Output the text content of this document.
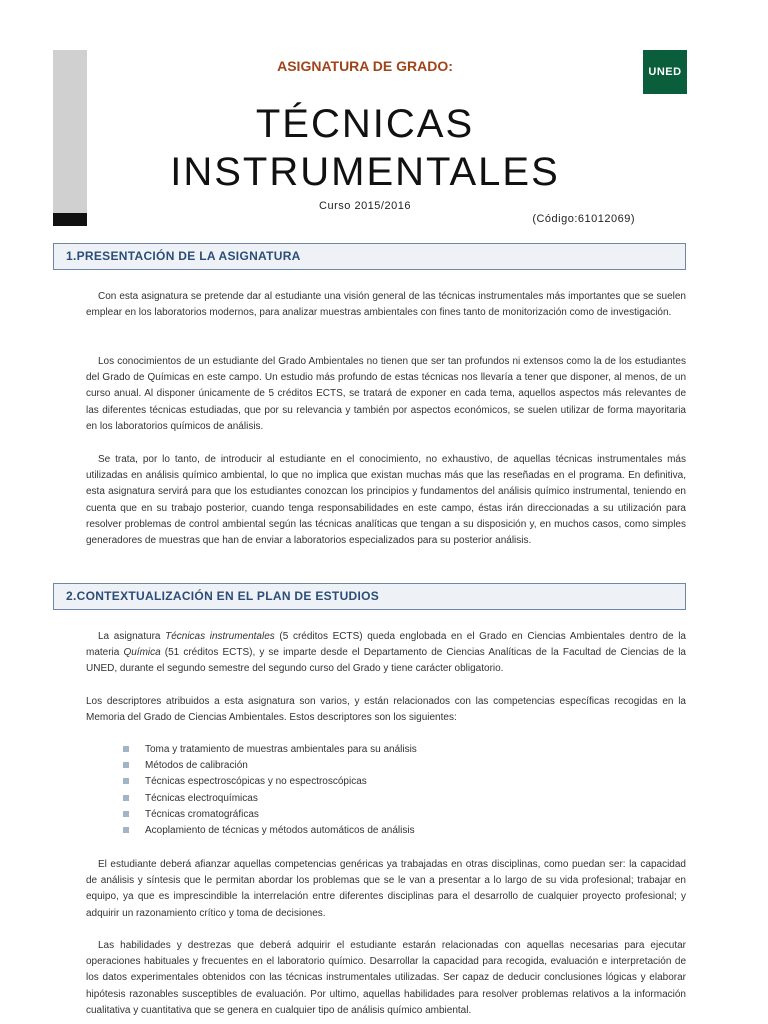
ASIGNATURA DE GRADO:
TÉCNICAS
INSTRUMENTALES
Curso 2015/2016
(Código:61012069)
UNED
1.PRESENTACIÓN DE LA ASIGNATURA

Con esta asignatura se pretende dar al estudiante una visión general de las técnicas instrumentales más importantes que se suelen emplear en los laboratorios modernos, para analizar muestras ambientales con fines tanto de monitorización como de investigación.

Los conocimientos de un estudiante del Grado Ambientales no tienen que ser tan profundos ni extensos como la de los estudiantes del Grado de Químicas en este campo. Un estudio más profundo de estas técnicas nos llevaría a tener que disponer, al menos, de un curso anual. Al disponer únicamente de 5 créditos ECTS, se tratará de exponer en cada tema, aquellos aspectos más relevantes de las diferentes técnicas estudiadas, que por su relevancia y también por aspectos económicos, se suelen utilizar de forma mayoritaria en los laboratorios químicos de análisis.

Se trata, por lo tanto, de introducir al estudiante en el conocimiento, no exhaustivo, de aquellas técnicas instrumentales más utilizadas en análisis químico ambiental, lo que no implica que existan muchas más que las reseñadas en el programa. En definitiva, esta asignatura servirá para que los estudiantes conozcan los principios y fundamentos del análisis químico instrumental, teniendo en cuenta que en su trabajo posterior, cuando tenga responsabilidades en este campo, éstas irán direccionadas a su utilización para resolver problemas de control ambiental según las técnicas analíticas que tengan a su disposición y, en muchos casos, como simples generadores de muestras que han de enviar a laboratorios especializados para su posterior análisis.

2.CONTEXTUALIZACIÓN EN EL PLAN DE ESTUDIOS

La asignatura Técnicas instrumentales (5 créditos ECTS) queda englobada en el Grado en Ciencias Ambientales dentro de la materia Química (51 créditos ECTS), y se imparte desde el Departamento de Ciencias Analíticas de la Facultad de Ciencias de la UNED, durante el segundo semestre del segundo curso del Grado y tiene carácter obligatorio.

Los descriptores atribuidos a esta asignatura son varios, y están relacionados con las competencias específicas recogidas en la Memoria del Grado de Ciencias Ambientales. Estos descriptores son los siguientes:

Toma y tratamiento de muestras ambientales para su análisis
Métodos de calibración
Técnicas espectroscópicas y no espectroscópicas
Técnicas electroquímicas
Técnicas cromatográficas
Acoplamiento de técnicas y métodos automáticos de análisis

El estudiante deberá afianzar aquellas competencias genéricas ya trabajadas en otras disciplinas, como puedan ser: la capacidad de análisis y síntesis que le permitan abordar los problemas que se le van a presentar a lo largo de su vida profesional; trabajar en equipo, ya que es imprescindible la interrelación entre diferentes disciplinas para el desarrollo de cualquier proyecto profesional; y adquirir un razonamiento crítico y toma de decisiones.

Las habilidades y destrezas que deberá adquirir el estudiante estarán relacionadas con aquellas necesarias para ejecutar operaciones habituales y frecuentes en el laboratorio químico. Desarrollar la capacidad para recogida, evaluación e interpretación de los datos experimentales obtenidos con las técnicas instrumentales utilizadas. Ser capaz de deducir conclusiones lógicas y elaborar hipótesis razonables susceptibles de evaluación. Por ultimo, aquellas habilidades para resolver problemas relativos a la información cualitativa y cuantitativa que se genera en cualquier tipo de análisis químico ambiental.
